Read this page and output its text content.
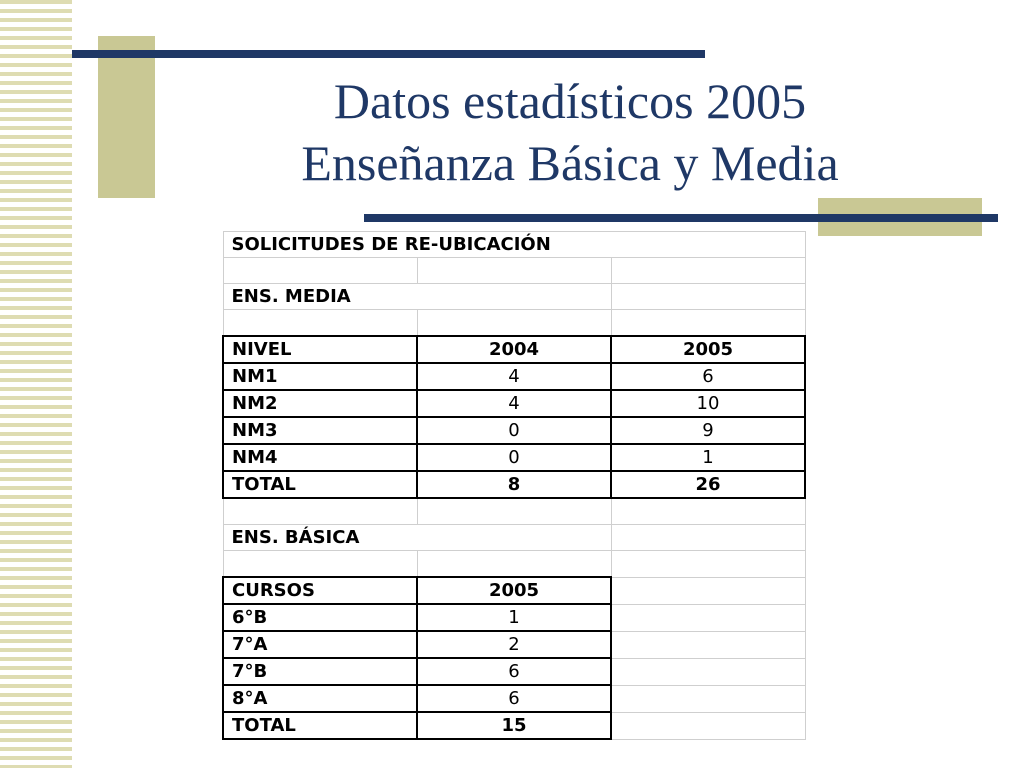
Datos estadísticos 2005
Enseñanza Básica y Media
SOLICITUDES DE RE-UBICACIÓN		

ENS. MEDIA		

NIVEL	2004	2005
NM1	4	6
NM2	4	10
NM3	0	9
NM4	0	1
TOTAL	8	26

ENS. BÁSICA		

CURSOS	2005	
6°B	1	
7°A	2	
7°B	6	
8°A	6	
TOTAL	15	
